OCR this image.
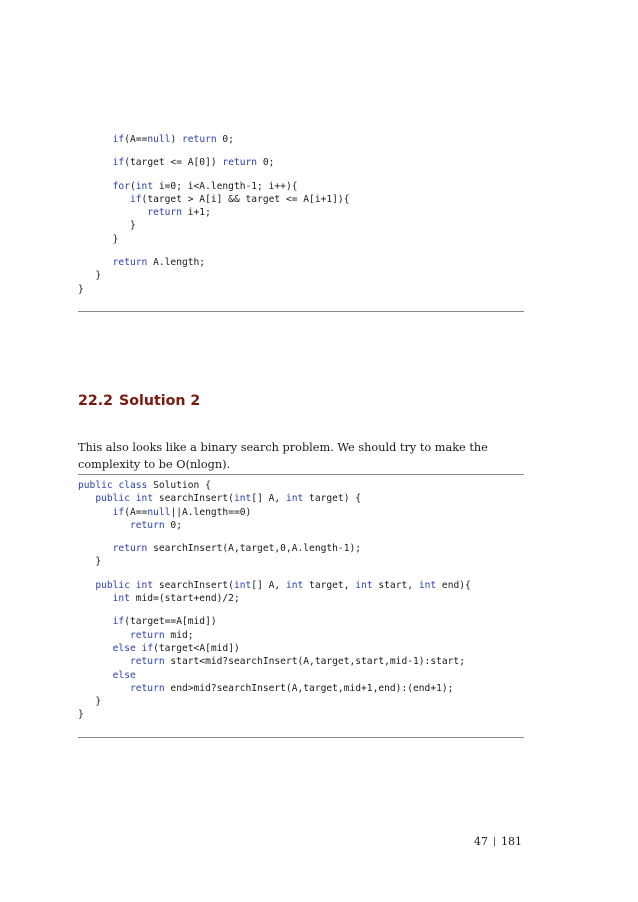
if(A==null) return 0;
if(target <= A[0]) return 0;
for(int i=0; i<A.length-1; i++){
if(target > A[i] && target <= A[i+1]){
return i+1;
}
}
return A.length;
}
}
22.2 Solution 2

This also looks like a binary search problem. We should try to make the complexity to be O(nlogn).

public class Solution {
public int searchInsert(int[] A, int target) {
if(A==null||A.length==0)
return 0;
return searchInsert(A,target,0,A.length-1);
}
public int searchInsert(int[] A, int target, int start, int end){
int mid=(start+end)/2;
if(target==A[mid])
return mid;
else if(target<A[mid])
return start<mid?searchInsert(A,target,start,mid-1):start;
else
return end>mid?searchInsert(A,target,mid+1,end):(end+1);
}
}
47 | 181
